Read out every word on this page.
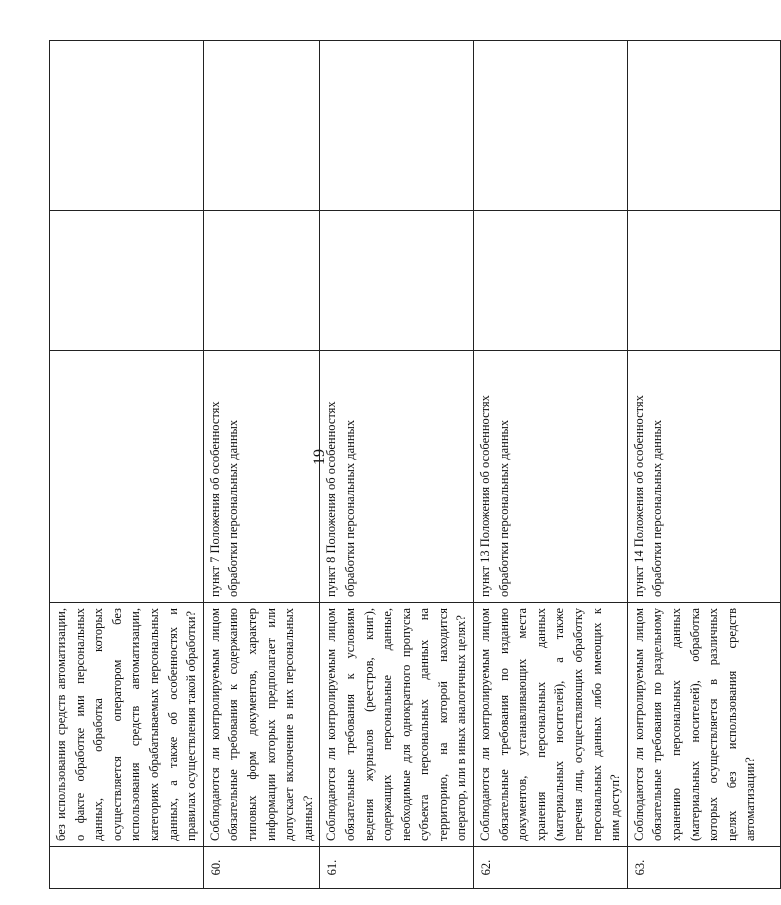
19
	без использования средств автоматизации, о факте обработке ими персональных данных, обработка которых осуществляется оператором без использования средств автоматизации, категориях обрабатываемых персональных данных, а также об особенностях и правилах осуществления такой обработки?			
60.	Соблюдаются ли контролируемым лицом обязательные требования к содержанию типовых форм документов, характер информации которых предполагает или допускает включение в них персональных данных?	пункт 7 Положения об особенностях обработки персональных данных		
61.	Соблюдаются ли контролируемым лицом обязательные требования к условиям ведения журналов (реестров, книг), содержащих персональные данные, необходимые для однократного пропуска субъекта персональных данных на территорию, на которой находится оператор, или в иных аналогичных целях?	пункт 8 Положения об особенностях обработки персональных данных		
62.	Соблюдаются ли контролируемым лицом обязательные требования по изданию документов, устанавливающих места хранения персональных данных (материальных носителей), а также перечня лиц, осуществляющих обработку персональных данных либо имеющих к ним доступ?	пункт 13 Положения об особенностях обработки персональных данных		
63.	Соблюдаются ли контролируемым лицом обязательные требования по раздельному хранению персональных данных (материальных носителей), обработка которых осуществляется в различных целях без использования средств автоматизации?	пункт 14 Положения об особенностях обработки персональных данных		
